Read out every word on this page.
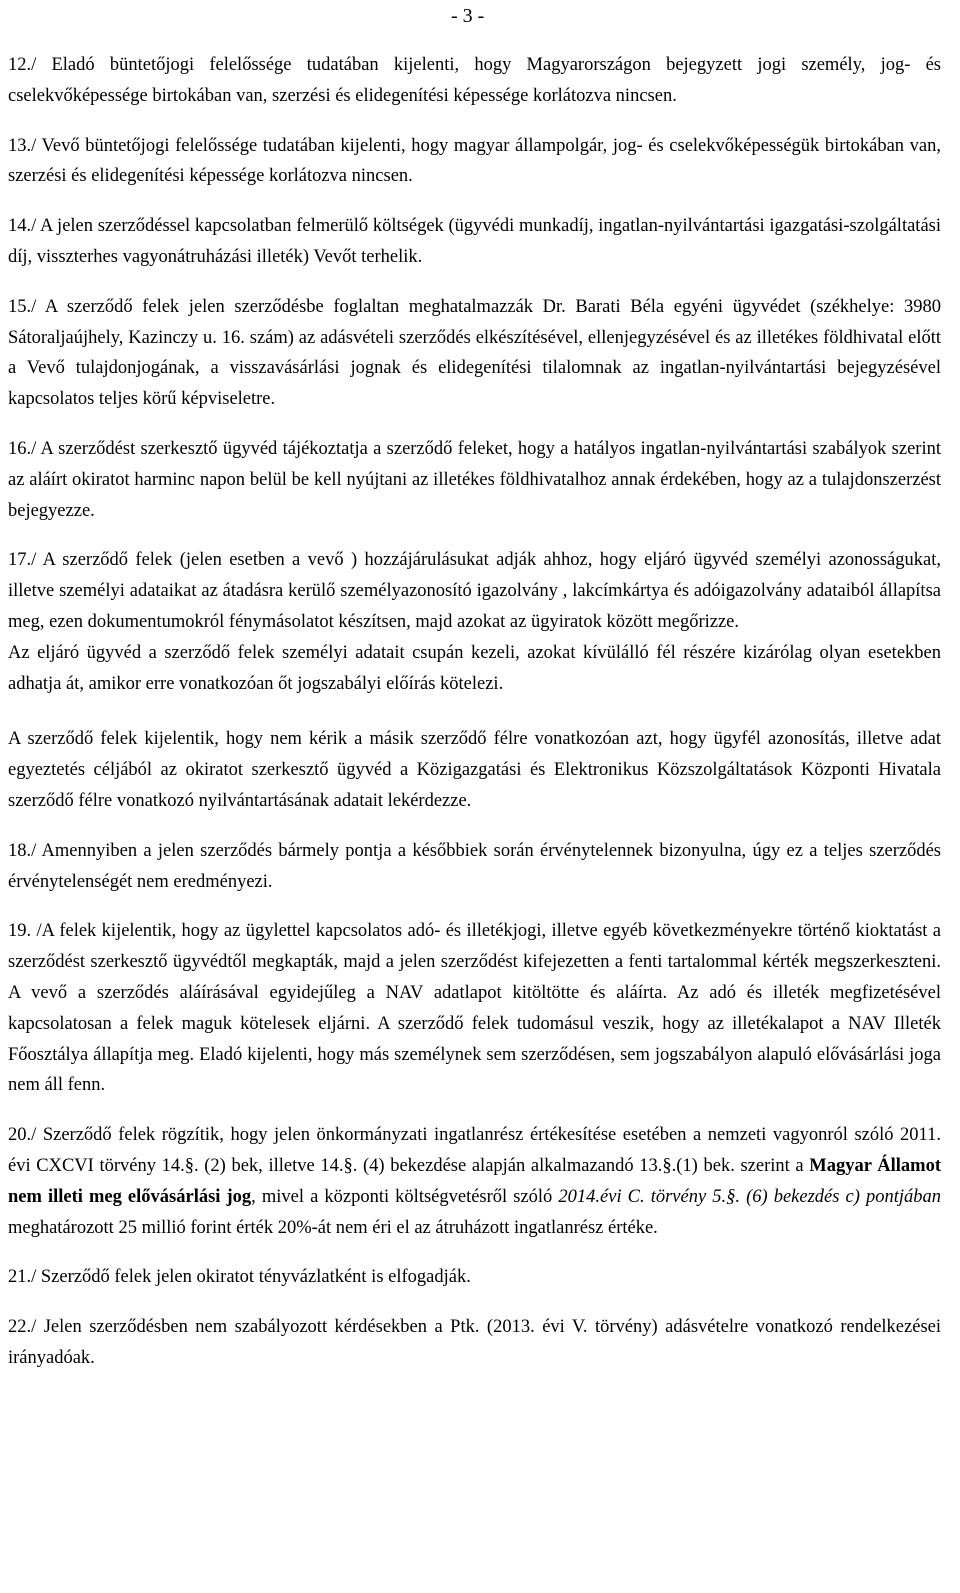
- 3 -

12./ Eladó büntetőjogi felelőssége tudatában kijelenti, hogy Magyarországon bejegyzett jogi személy, jog- és cselekvőképessége birtokában van, szerzési és elidegenítési képessége korlátozva nincsen.

13./ Vevő büntetőjogi felelőssége tudatában kijelenti, hogy magyar állampolgár, jog- és cselekvőképességük birtokában van, szerzési és elidegenítési képessége korlátozva nincsen.

14./ A jelen szerződéssel kapcsolatban felmerülő költségek (ügyvédi munkadíj, ingatlan-nyilvántartási igazgatási-szolgáltatási díj, visszterhes vagyonátruházási illeték) Vevőt terhelik.

15./ A szerződő felek jelen szerződésbe foglaltan meghatalmazzák Dr. Barati Béla egyéni ügyvédet (székhelye: 3980 Sátoraljaújhely, Kazinczy u. 16. szám) az adásvételi szerződés elkészítésével, ellenjegyzésével és az illetékes földhivatal előtt a Vevő tulajdonjogának, a visszavásárlási jognak és elidegenítési tilalomnak az ingatlan-nyilvántartási bejegyzésével kapcsolatos teljes körű képviseletre.

16./ A szerződést szerkesztő ügyvéd tájékoztatja a szerződő feleket, hogy a hatályos ingatlan-nyilvántartási szabályok szerint az aláírt okiratot harminc napon belül be kell nyújtani az illetékes földhivatalhoz annak érdekében, hogy az a tulajdonszerzést bejegyezze.

17./ A szerződő felek (jelen esetben a vevő ) hozzájárulásukat adják ahhoz, hogy eljáró ügyvéd személyi azonosságukat, illetve személyi adataikat az átadásra kerülő személyazonosító igazolvány , lakcímkártya és adóigazolvány adataiból állapítsa meg, ezen dokumentumokról fénymásolatot készítsen, majd azokat az ügyiratok között megőrizze.

Az eljáró ügyvéd a szerződő felek személyi adatait csupán kezeli, azokat kívülálló fél részére kizárólag olyan esetekben adhatja át, amikor erre vonatkozóan őt jogszabályi előírás kötelezi.

A szerződő felek kijelentik, hogy nem kérik a másik szerződő félre vonatkozóan azt, hogy ügyfél azonosítás, illetve adat egyeztetés céljából az okiratot szerkesztő ügyvéd a Közigazgatási és Elektronikus Közszolgáltatások Központi Hivatala szerződő félre vonatkozó nyilvántartásának adatait lekérdezze.

18./ Amennyiben a jelen szerződés bármely pontja a későbbiek során érvénytelennek bizonyulna, úgy ez a teljes szerződés érvénytelenségét nem eredményezi.

19. /A felek kijelentik, hogy az ügylettel kapcsolatos adó- és illetékjogi, illetve egyéb következményekre történő kioktatást a szerződést szerkesztő ügyvédtől megkapták, majd a jelen szerződést kifejezetten a fenti tartalommal kérték megszerkeszteni. A vevő a szerződés aláírásával egyidejűleg a NAV adatlapot kitöltötte és aláírta. Az adó és illeték megfizetésével kapcsolatosan a felek maguk kötelesek eljárni. A szerződő felek tudomásul veszik, hogy az illetékalapot a NAV Illeték Főosztálya állapítja meg. Eladó kijelenti, hogy más személynek sem szerződésen, sem jogszabályon alapuló elővásárlási joga nem áll fenn.

20./ Szerződő felek rögzítik, hogy jelen önkormányzati ingatlanrész értékesítése esetében a nemzeti vagyonról szóló 2011. évi CXCVI törvény 14.§. (2) bek, illetve 14.§. (4) bekezdése alapján alkalmazandó 13.§.(1) bek. szerint a Magyar Államot nem illeti meg elővásárlási jog, mivel a központi költségvetésről szóló 2014.évi C. törvény 5.§. (6) bekezdés c) pontjában meghatározott 25 millió forint érték 20%-át nem éri el az átruházott ingatlanrész értéke.

21./ Szerződő felek jelen okiratot tényvázlatként is elfogadják.

22./ Jelen szerződésben nem szabályozott kérdésekben a Ptk. (2013. évi V. törvény) adásvételre vonatkozó rendelkezései irányadóak.
